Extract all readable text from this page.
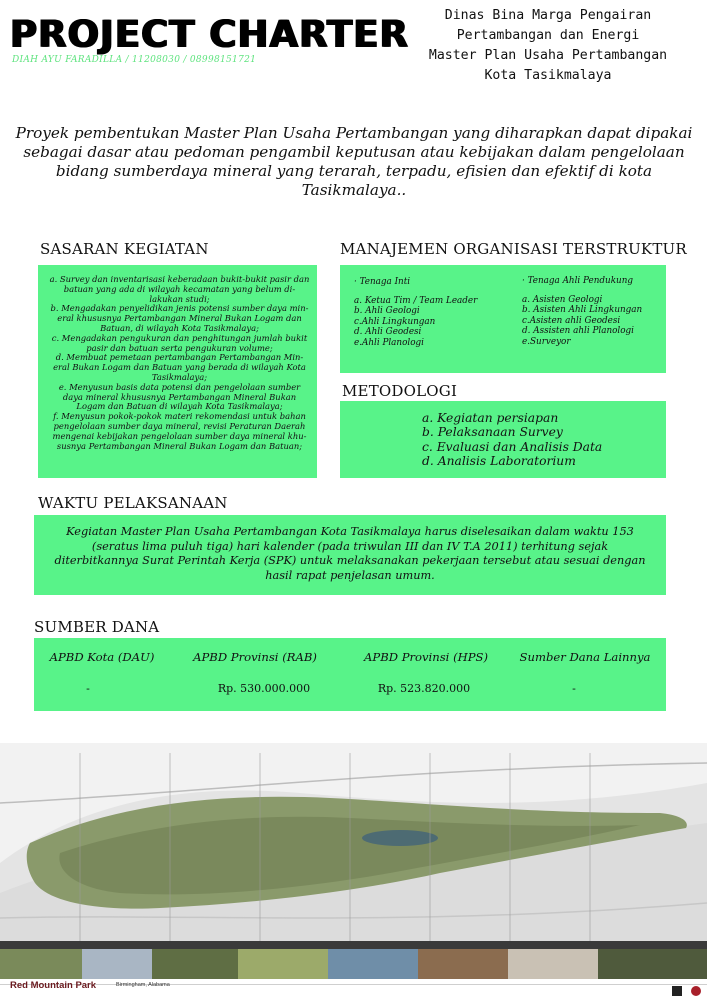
PROJECT CHARTER
DIAH AYU FARADILLA / 11208030 / 08998151721
Dinas Bina Marga Pengairan
Pertambangan dan Energi
Master Plan Usaha Pertambangan
Kota Tasikmalaya
Proyek pembentukan Master Plan Usaha Pertambangan yang diharapkan dapat dipakai sebagai dasar atau pedoman pengambil keputusan atau kebijakan dalam pengelolaan bidang sumberdaya mineral yang terarah, terpadu, efisien dan efektif di kota Tasikmalaya..
SASARAN KEGIATAN
a. Survey dan inventarisasi keberadaan bukit-bukit pasir dan batuan yang ada di wilayah kecamatan yang belum di- lakukan studi;
b. Mengadakan penyelidikan jenis potensi sumber daya min- eral khususnya Pertambangan Mineral Bukan Logam dan Batuan, di wilayah Kota Tasikmalaya;
c. Mengadakan pengukuran dan penghitungan jumlah bukit pasir dan batuan serta pengukuran volume;
d. Membuat pemetaan pertambangan Pertambangan Min- eral Bukan Logam dan Batuan yang berada di wilayah Kota Tasikmalaya;
e. Menyusun basis data potensi dan pengelolaan sumber daya mineral khususnya Pertambangan Mineral Bukan Logam dan Batuan di wilayah Kota Tasikmalaya;
f. Menyusun pokok-pokok materi rekomendasi untuk bahan pengelolaan sumber daya mineral, revisi Peraturan Daerah mengenai kebijakan pengelolaan sumber daya mineral khu- susnya Pertambangan Mineral Bukan Logam dan Batuan;
MANAJEMEN ORGANISASI TERSTRUKTUR
· Tenaga Inti
a. Ketua Tim / Team Leader
b. Ahli Geologi
c.Ahli Lingkungan
d. Ahli Geodesi
e.Ahli Planologi
· Tenaga Ahli Pendukung
a. Asisten Geologi
b. Asisten Ahli Lingkungan
c.Asisten ahli Geodesi
d. Assisten ahli Planologi
e.Surveyor
METODOLOGI
a. Kegiatan persiapan
b. Pelaksanaan Survey
c. Evaluasi dan Analisis Data
d. Analisis Laboratorium
WAKTU PELAKSANAAN
Kegiatan Master Plan Usaha Pertambangan Kota Tasikmalaya harus diselesaikan dalam waktu 153 (seratus lima puluh tiga) hari kalender (pada triwulan III dan IV T.A 2011) terhitung sejak diterbitkannya Surat Perintah Kerja (SPK) untuk melaksanakan pekerjaan tersebut atau sesuai dengan hasil rapat penjelasan umum.
SUMBER DANA
APBD Kota (DAU)	APBD Provinsi (RAB)	APBD Provinsi (HPS)	Sumber Dana Lainnya
-	Rp. 530.000.000	Rp. 523.820.000	-
Red Mountain Park	Birmingham, Alabama
